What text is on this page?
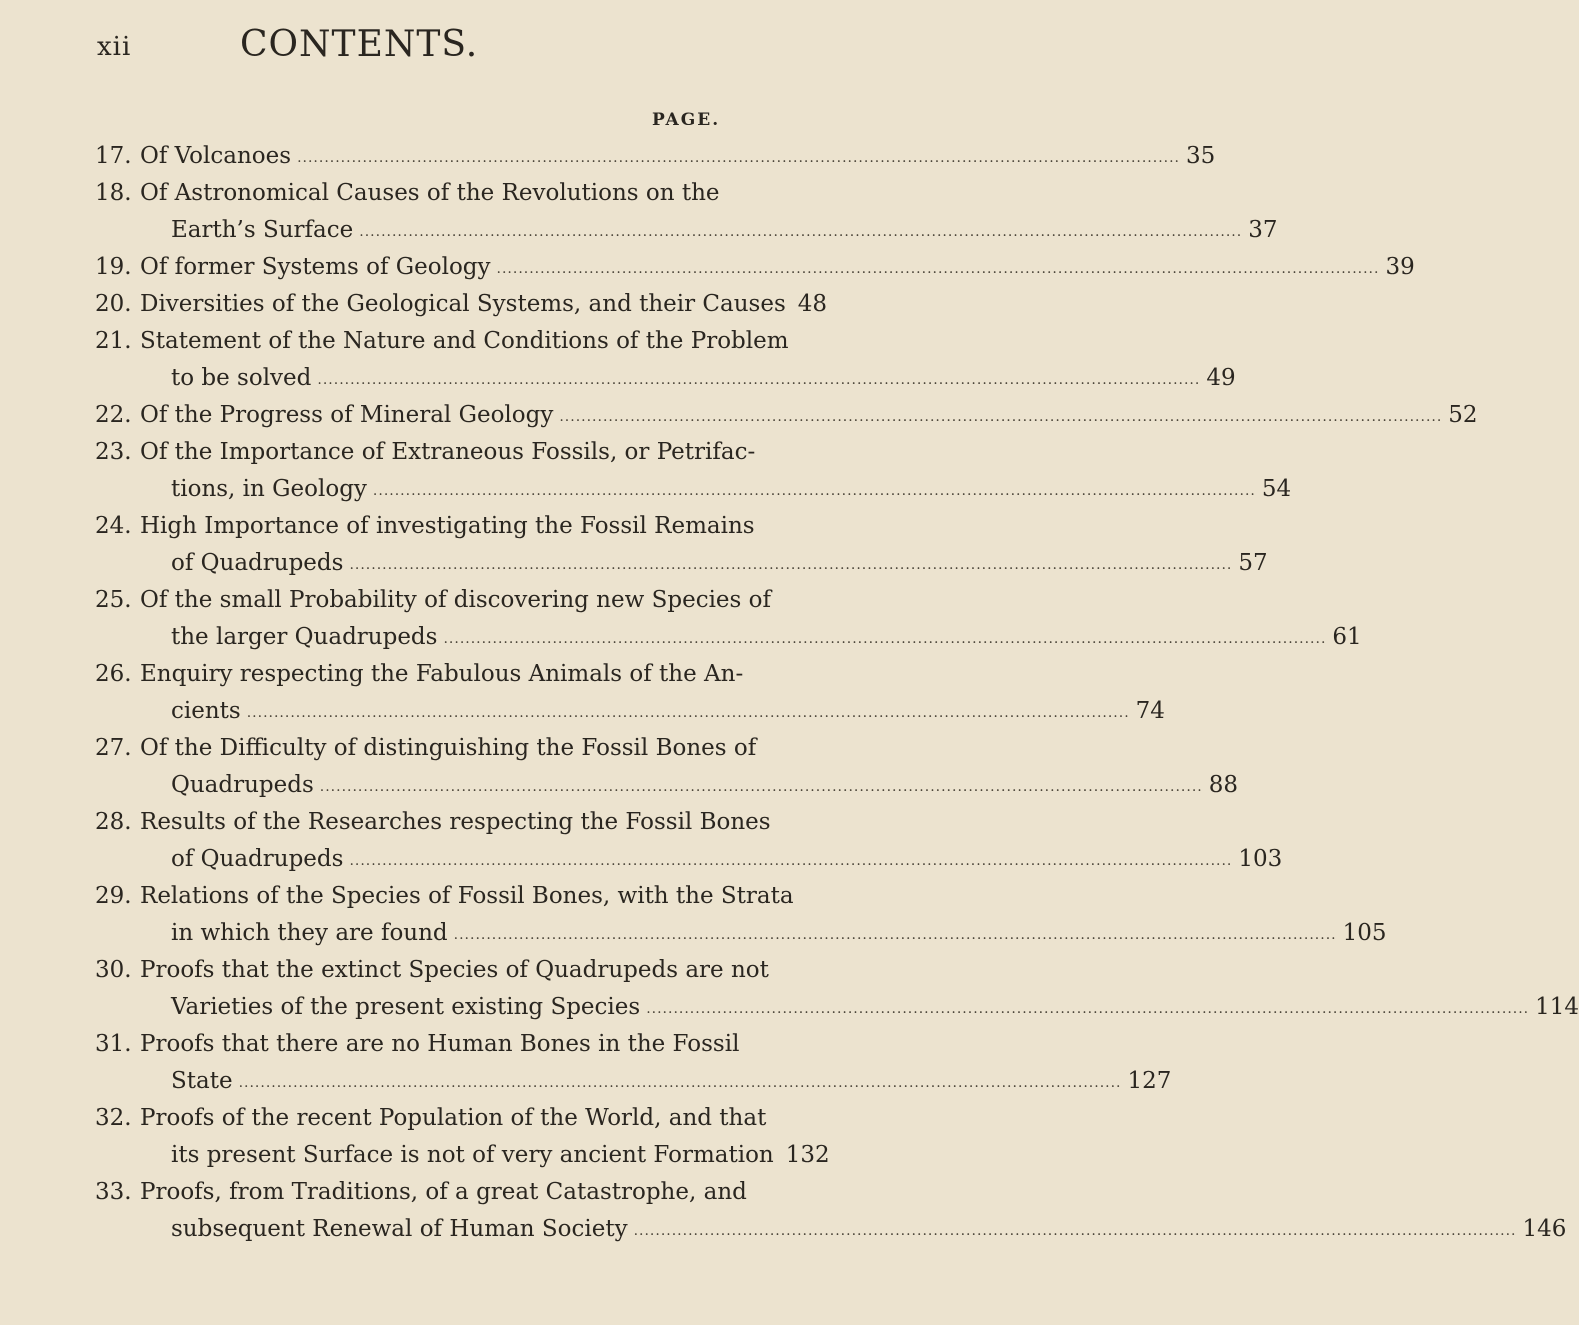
xii	CONTENTS.
PAGE.
17. Of Volcanoes .................................................................................................................................................................. 35
18. Of Astronomical Causes of the Revolutions on the
Earth’s Surface .................................................................................................................................................................. 37
19. Of former Systems of Geology .................................................................................................................................................................. 39
20. Diversities of the Geological Systems, and their Causes 48
21. Statement of the Nature and Conditions of the Problem
to be solved .................................................................................................................................................................. 49
22. Of the Progress of Mineral Geology .................................................................................................................................................................. 52
23. Of the Importance of Extraneous Fossils, or Petrifac-
tions, in Geology .................................................................................................................................................................. 54
24. High Importance of investigating the Fossil Remains
of Quadrupeds .................................................................................................................................................................. 57
25. Of the small Probability of discovering new Species of
the larger Quadrupeds .................................................................................................................................................................. 61
26. Enquiry respecting the Fabulous Animals of the An-
cients .................................................................................................................................................................. 74
27. Of the Difficulty of distinguishing the Fossil Bones of
Quadrupeds .................................................................................................................................................................. 88
28. Results of the Researches respecting the Fossil Bones
of Quadrupeds .................................................................................................................................................................. 103
29. Relations of the Species of Fossil Bones, with the Strata
in which they are found .................................................................................................................................................................. 105
30. Proofs that the extinct Species of Quadrupeds are not
Varieties of the present existing Species .................................................................................................................................................................. 114
31. Proofs that there are no Human Bones in the Fossil
State .................................................................................................................................................................. 127
32. Proofs of the recent Population of the World, and that
its present Surface is not of very ancient Formation 132
33. Proofs, from Traditions, of a great Catastrophe, and
subsequent Renewal of Human Society .................................................................................................................................................................. 146
